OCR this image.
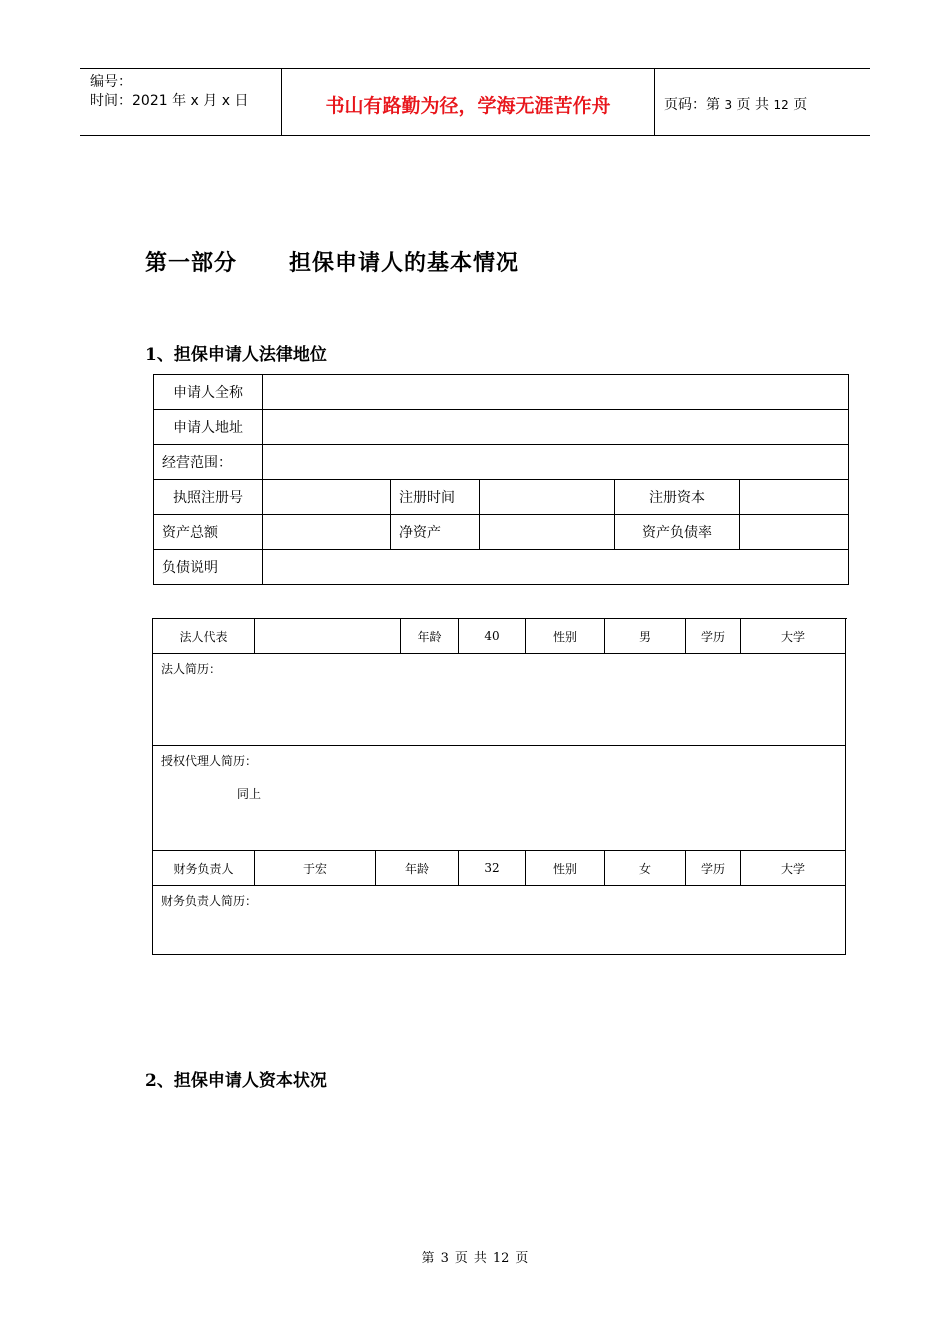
编号：
时间：2021 年 x 月 x 日	书山有路勤为径，学海无涯苦作舟	页码：第 3 页 共 12 页
第一部分 担保申请人的基本情况
1、担保申请人法律地位
申请人全称					
申请人地址					
经营范围：					
执照注册号		注册时间		注册资本	
资产总额		净资产		资产负债率	
负债说明					
法人代表			年龄	40	性别	男	学历	大学
法人简历：								
授权代理人简历：
同上								

财务负责人	于宏	年龄		32	性别	女	学历	大学
财务负责人简历：								
2、担保申请人资本状况
第 3 页 共 12 页
